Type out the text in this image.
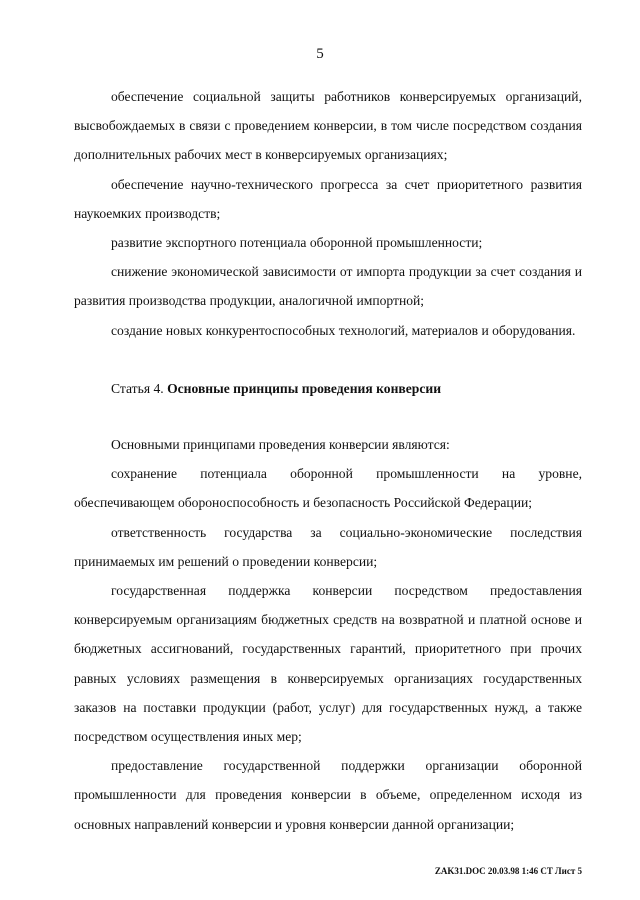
5

обеспечение социальной защиты работников конверсируемых организаций, высвобождаемых в связи с проведением конверсии, в том числе посредством создания дополнительных рабочих мест в конверсируемых организациях;

обеспечение научно-технического прогресса за счет приоритетного развития наукоемких производств;

развитие экспортного потенциала оборонной промышленности;

снижение экономической зависимости от импорта продукции за счет создания и развития производства продукции, аналогичной импортной;

создание новых конкурентоспособных технологий, материалов и оборудования.

Статья 4. Основные принципы проведения конверсии

Основными принципами проведения конверсии являются:

сохранение потенциала оборонной промышленности на уровне, обеспечивающем обороноспособность и безопасность Российской Федерации;

ответственность государства за социально-экономические последствия принимаемых им решений о проведении конверсии;

государственная поддержка конверсии посредством предоставления конверсируемым организациям бюджетных средств на возвратной и платной основе и бюджетных ассигнований, государственных гарантий, приоритетного при прочих равных условиях размещения в конверсируемых организациях государственных заказов на поставки продукции (работ, услуг) для государственных нужд, а также посредством осуществления иных мер;

предоставление государственной поддержки организации оборонной промышленности для проведения конверсии в объеме, определенном исходя из основных направлений конверсии и уровня конверсии данной организации;

ZAK31.DOC 20.03.98 1:46 CT Лист 5
